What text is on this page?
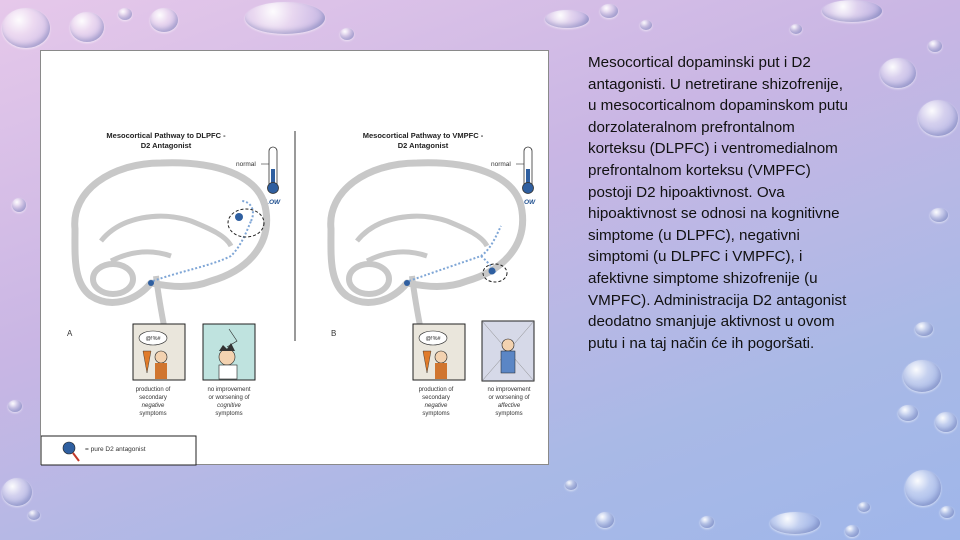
Mesocortical Pathway to DLPFC -
D2 Antagonist
normal
LOW
A
@!%#
production of
secondary
negative
symptoms
no improvement
or worsening of
cognitive
symptoms
Mesocortical Pathway to VMPFC -
D2 Antagonist
normal
LOW
B
@!%#
production of
secondary
negative
symptoms
no improvement
or worsening of
affective
symptoms
= pure D2 antagonist
Mesocortical dopaminski put i D2 antagonisti. U netretirane shizofrenije, u mesocorticalnom dopaminskom putu dorzolateralnom prefrontalnom korteksu (DLPFC) i ventromedialnom prefrontalnom korteksu (VMPFC) postoji D2 hipoaktivnost. Ova hipoaktivnost se odnosi na kognitivne simptome (u DLPFC), negativni simptomi (u DLPFC i VMPFC), i afektivne simptome shizofrenije (u VMPFC). Administracija D2 antagonist deodatno smanjuje aktivnost u ovom putu i na taj način će ih pogoršati.
